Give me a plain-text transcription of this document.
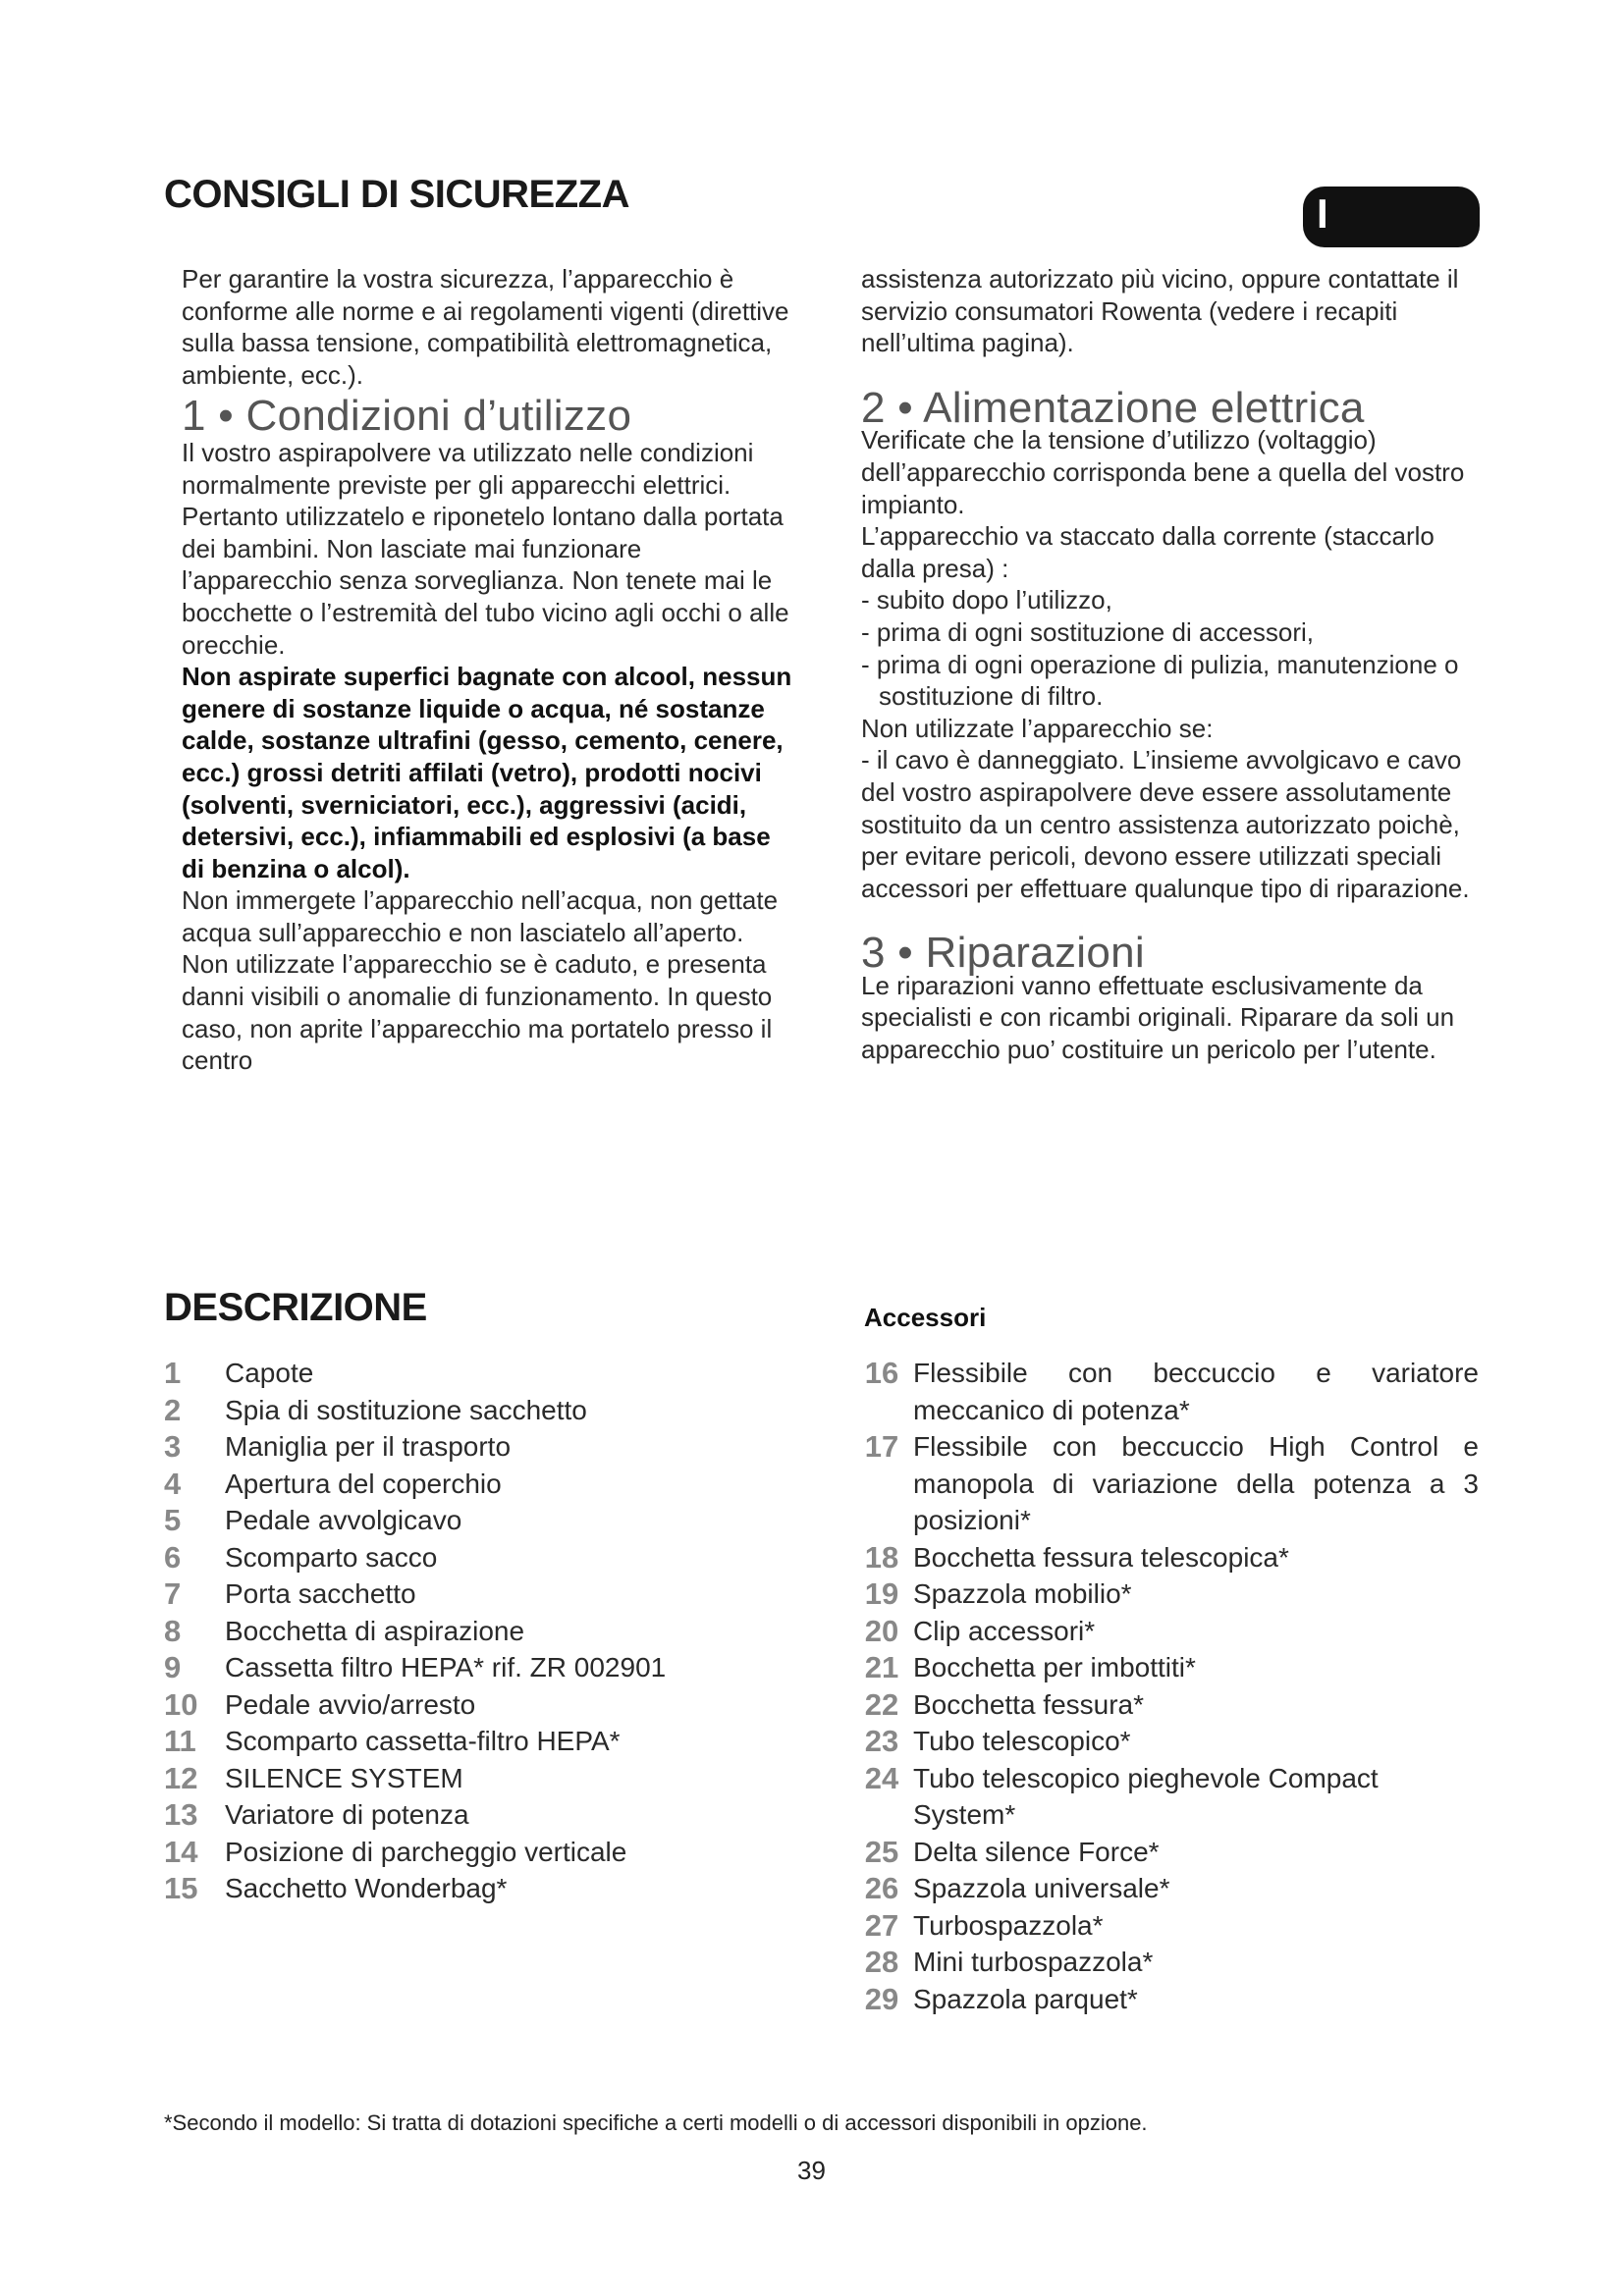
CONSIGLI DI SICUREZZA	I

Per garantire la vostra sicurezza, l’apparecchio è conforme alle norme e ai regolamenti vigenti (direttive sulla bassa tensione, compatibilità elettromagnetica, ambiente, ecc.).

1 • Condizioni d’utilizzo

Il vostro aspirapolvere va utilizzato nelle condizioni normalmente previste per gli apparecchi elettrici.

Pertanto utilizzatelo e riponetelo lontano dalla portata dei bambini. Non lasciate mai funzionare l’apparecchio senza sorveglianza. Non tenete mai le bocchette o l’estremità del tubo vicino agli occhi o alle orecchie.

Non aspirate superfici bagnate con alcool, nessun genere di sostanze liquide o acqua, né sostanze calde, sostanze ultrafini (gesso, cemento, cenere, ecc.) grossi detriti affilati (vetro), prodotti nocivi (solventi, sverniciatori, ecc.), aggressivi (acidi, detersivi, ecc.), infiammabili ed esplosivi (a base di benzina o alcol).

Non immergete l’apparecchio nell’acqua, non gettate acqua sull’apparecchio e non lasciatelo all’aperto.

Non utilizzate l’apparecchio se è caduto, e presenta danni visibili o anomalie di funzionamento. In questo caso, non aprite l’apparecchio ma portatelo presso il centro

assistenza autorizzato più vicino, oppure contattate il servizio consumatori Rowenta (vedere i recapiti nell’ultima pagina).

2 • Alimentazione elettrica

Verificate che la tensione d’utilizzo (voltaggio) dell’apparecchio corrisponda bene a quella del vostro impianto.

L’apparecchio va staccato dalla corrente (staccarlo dalla presa) :

- subito dopo l’utilizzo,

- prima di ogni sostituzione di accessori,

- prima di ogni operazione di pulizia, manutenzione o sostituzione di filtro.

Non utilizzate l’apparecchio se:

- il cavo è danneggiato. L’insieme avvolgicavo e cavo del vostro aspirapolvere deve essere assolutamente sostituito da un centro assistenza autorizzato poichè, per evitare pericoli, devono essere utilizzati speciali accessori per effettuare qualunque tipo di riparazione.

3 • Riparazioni

Le riparazioni vanno effettuate esclusivamente da specialisti e con ricambi originali. Riparare da soli un apparecchio puo’ costituire un pericolo per l’utente.

DESCRIZIONE
1	Capote
2	Spia di sostituzione sacchetto
3	Maniglia per il trasporto
4	Apertura del coperchio
5	Pedale avvolgicavo
6	Scomparto sacco
7	Porta sacchetto
8	Bocchetta di aspirazione
9	Cassetta filtro HEPA* rif. ZR 002901
10 Pedale avvio/arresto
11	Scomparto cassetta-filtro HEPA*
12 SILENCE SYSTEM
13 Variatore di potenza
14 Posizione di parcheggio verticale
15 Sacchetto Wonderbag*
Accessori
16 Flessibile con beccuccio e variatore meccanico di potenza*
17 Flessibile con beccuccio High Control e manopola di variazione della potenza a 3 posizioni*
18 Bocchetta fessura telescopica*
19 Spazzola mobilio*
20 Clip accessori*
21 Bocchetta per imbottiti*
22 Bocchetta fessura*
23 Tubo telescopico*
24 Tubo telescopico pieghevole Compact System*
25 Delta silence Force*
26 Spazzola universale*
27 Turbospazzola*
28 Mini turbospazzola*
29 Spazzola parquet*
*Secondo il modello: Si tratta di dotazioni specifiche a certi modelli o di accessori disponibili in opzione.
39
